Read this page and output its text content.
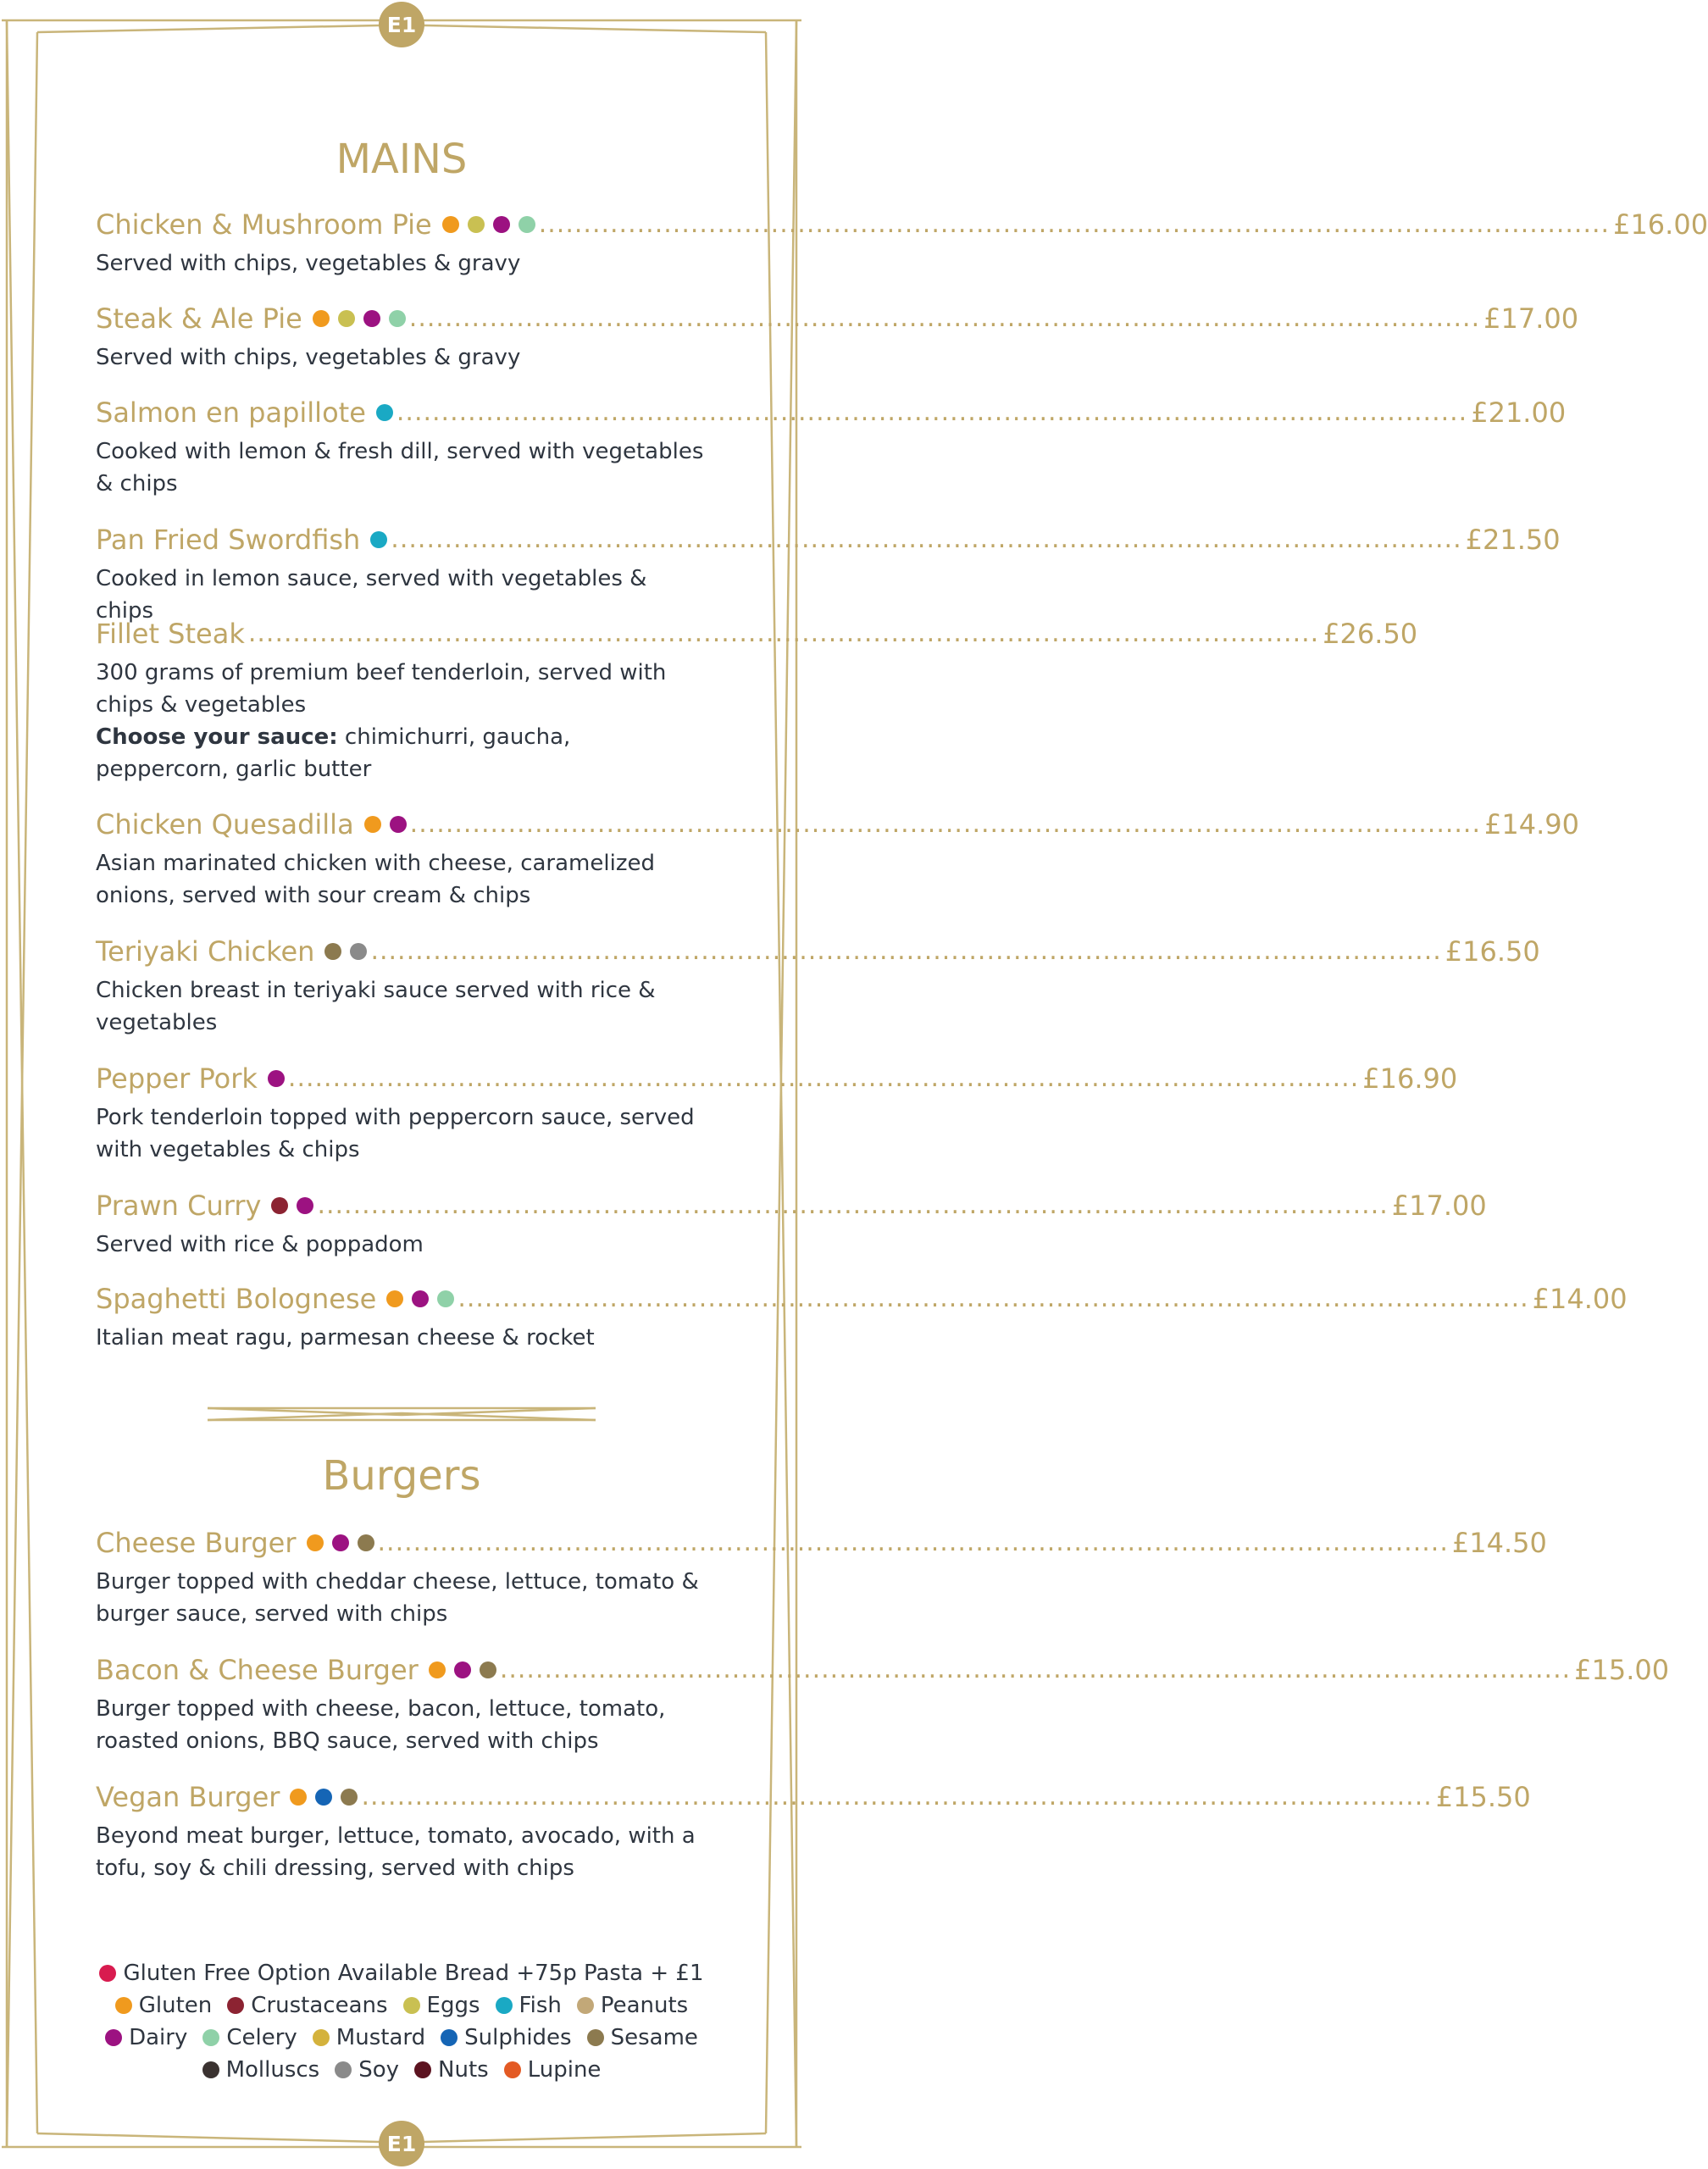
E1
E1
MAINS
Chicken & Mushroom Pie	........................................................................................................................ £16.00
Served with chips, vegetables & gravy
Steak & Ale Pie	........................................................................................................................ £17.00
Served with chips, vegetables & gravy
Salmon en papillote ........................................................................................................................ £21.00
Cooked with lemon & fresh dill, served with vegetables & chips
Pan Fried Swordfish ........................................................................................................................ £21.50
Cooked in lemon sauce, served with vegetables & chips
Fillet Steak ........................................................................................................................ £26.50
300 grams of premium beef tenderloin, served with chips & vegetables
Choose your sauce: chimichurri, gaucha, peppercorn, garlic butter
Chicken Quesadilla ........................................................................................................................ £14.90
Asian marinated chicken with cheese, caramelized onions, served with sour cream & chips
Teriyaki Chicken ........................................................................................................................ £16.50
Chicken breast in teriyaki sauce served with rice & vegetables
Pepper Pork ........................................................................................................................ £16.90
Pork tenderloin topped with peppercorn sauce, served with vegetables & chips
Prawn Curry ........................................................................................................................ £17.00
Served with rice & poppadom
Spaghetti Bolognese	........................................................................................................................ £14.00
Italian meat ragu, parmesan cheese & rocket
Burgers
Cheese Burger	........................................................................................................................ £14.50
Burger topped with cheddar cheese, lettuce, tomato & burger sauce, served with chips
Bacon & Cheese Burger	........................................................................................................................ £15.00
Burger topped with cheese, bacon, lettuce, tomato, roasted onions, BBQ sauce, served with chips
Vegan Burger	........................................................................................................................ £15.50
Beyond meat burger, lettuce, tomato, avocado, with a tofu, soy & chili dressing, served with chips
Gluten Free Option Available Bread +75p Pasta + £1
Gluten Crustaceans Eggs Fish Peanuts
Dairy Celery Mustard Sulphides Sesame
Molluscs Soy Nuts Lupine
